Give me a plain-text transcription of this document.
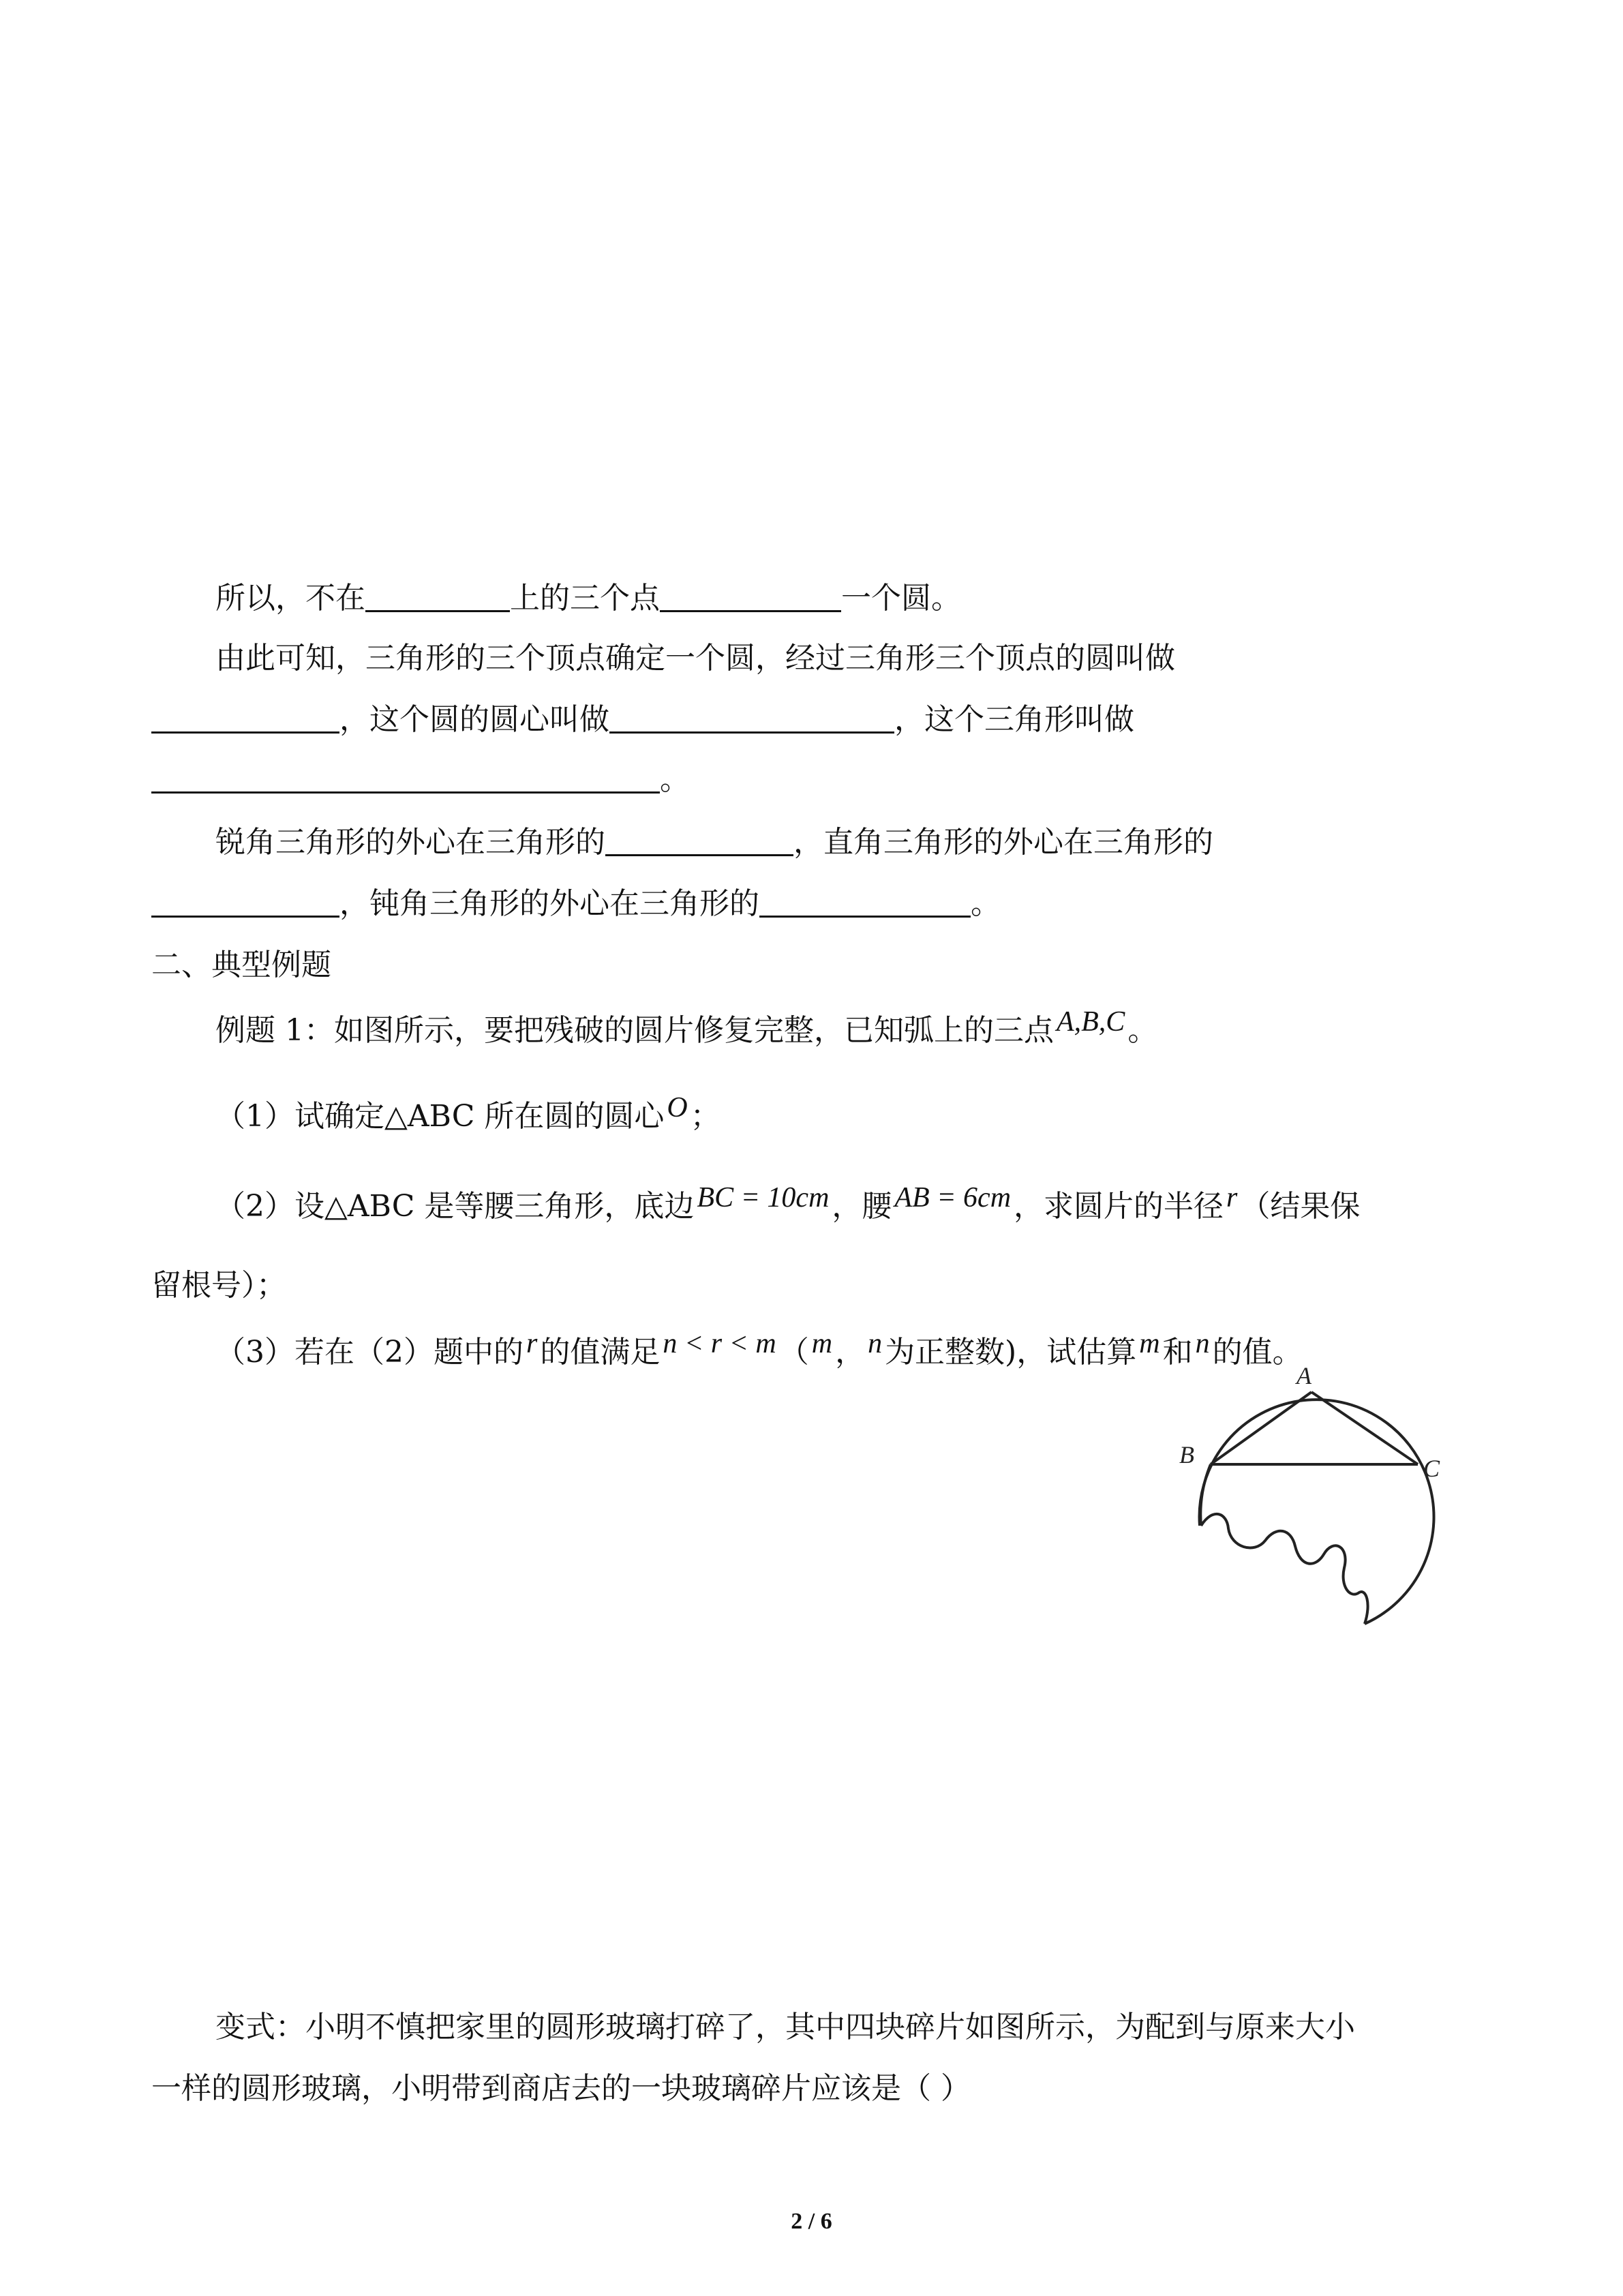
所以，不在	上的三个点	一个圆。
由此可知，三角形的三个顶点确定一个圆，经过三角形三个顶点的圆叫做
，这个圆的圆心叫做	，这个三角形叫做
。
锐角三角形的外心在三角形的	，直角三角形的外心在三角形的
，钝角三角形的外心在三角形的	。
二、典型例题
例题 1：如图所示，要把残破的圆片修复完整，已知弧上的三点A,B,C。
（1）试确定△ABC 所在圆的圆心O；
（2）设△ABC 是等腰三角形，底边BC = 10cm，腰AB = 6cm，求圆片的半径r（结果保
留根号）；
（3）若在（2）题中的r的值满足n < r < m（m，n为正整数)，试估算m和n的值。
A
B	C
变式：小明不慎把家里的圆形玻璃打碎了，其中四块碎片如图所示，为配到与原来大小
一样的圆形玻璃，小明带到商店去的一块玻璃碎片应该是（ ）
2 / 6
